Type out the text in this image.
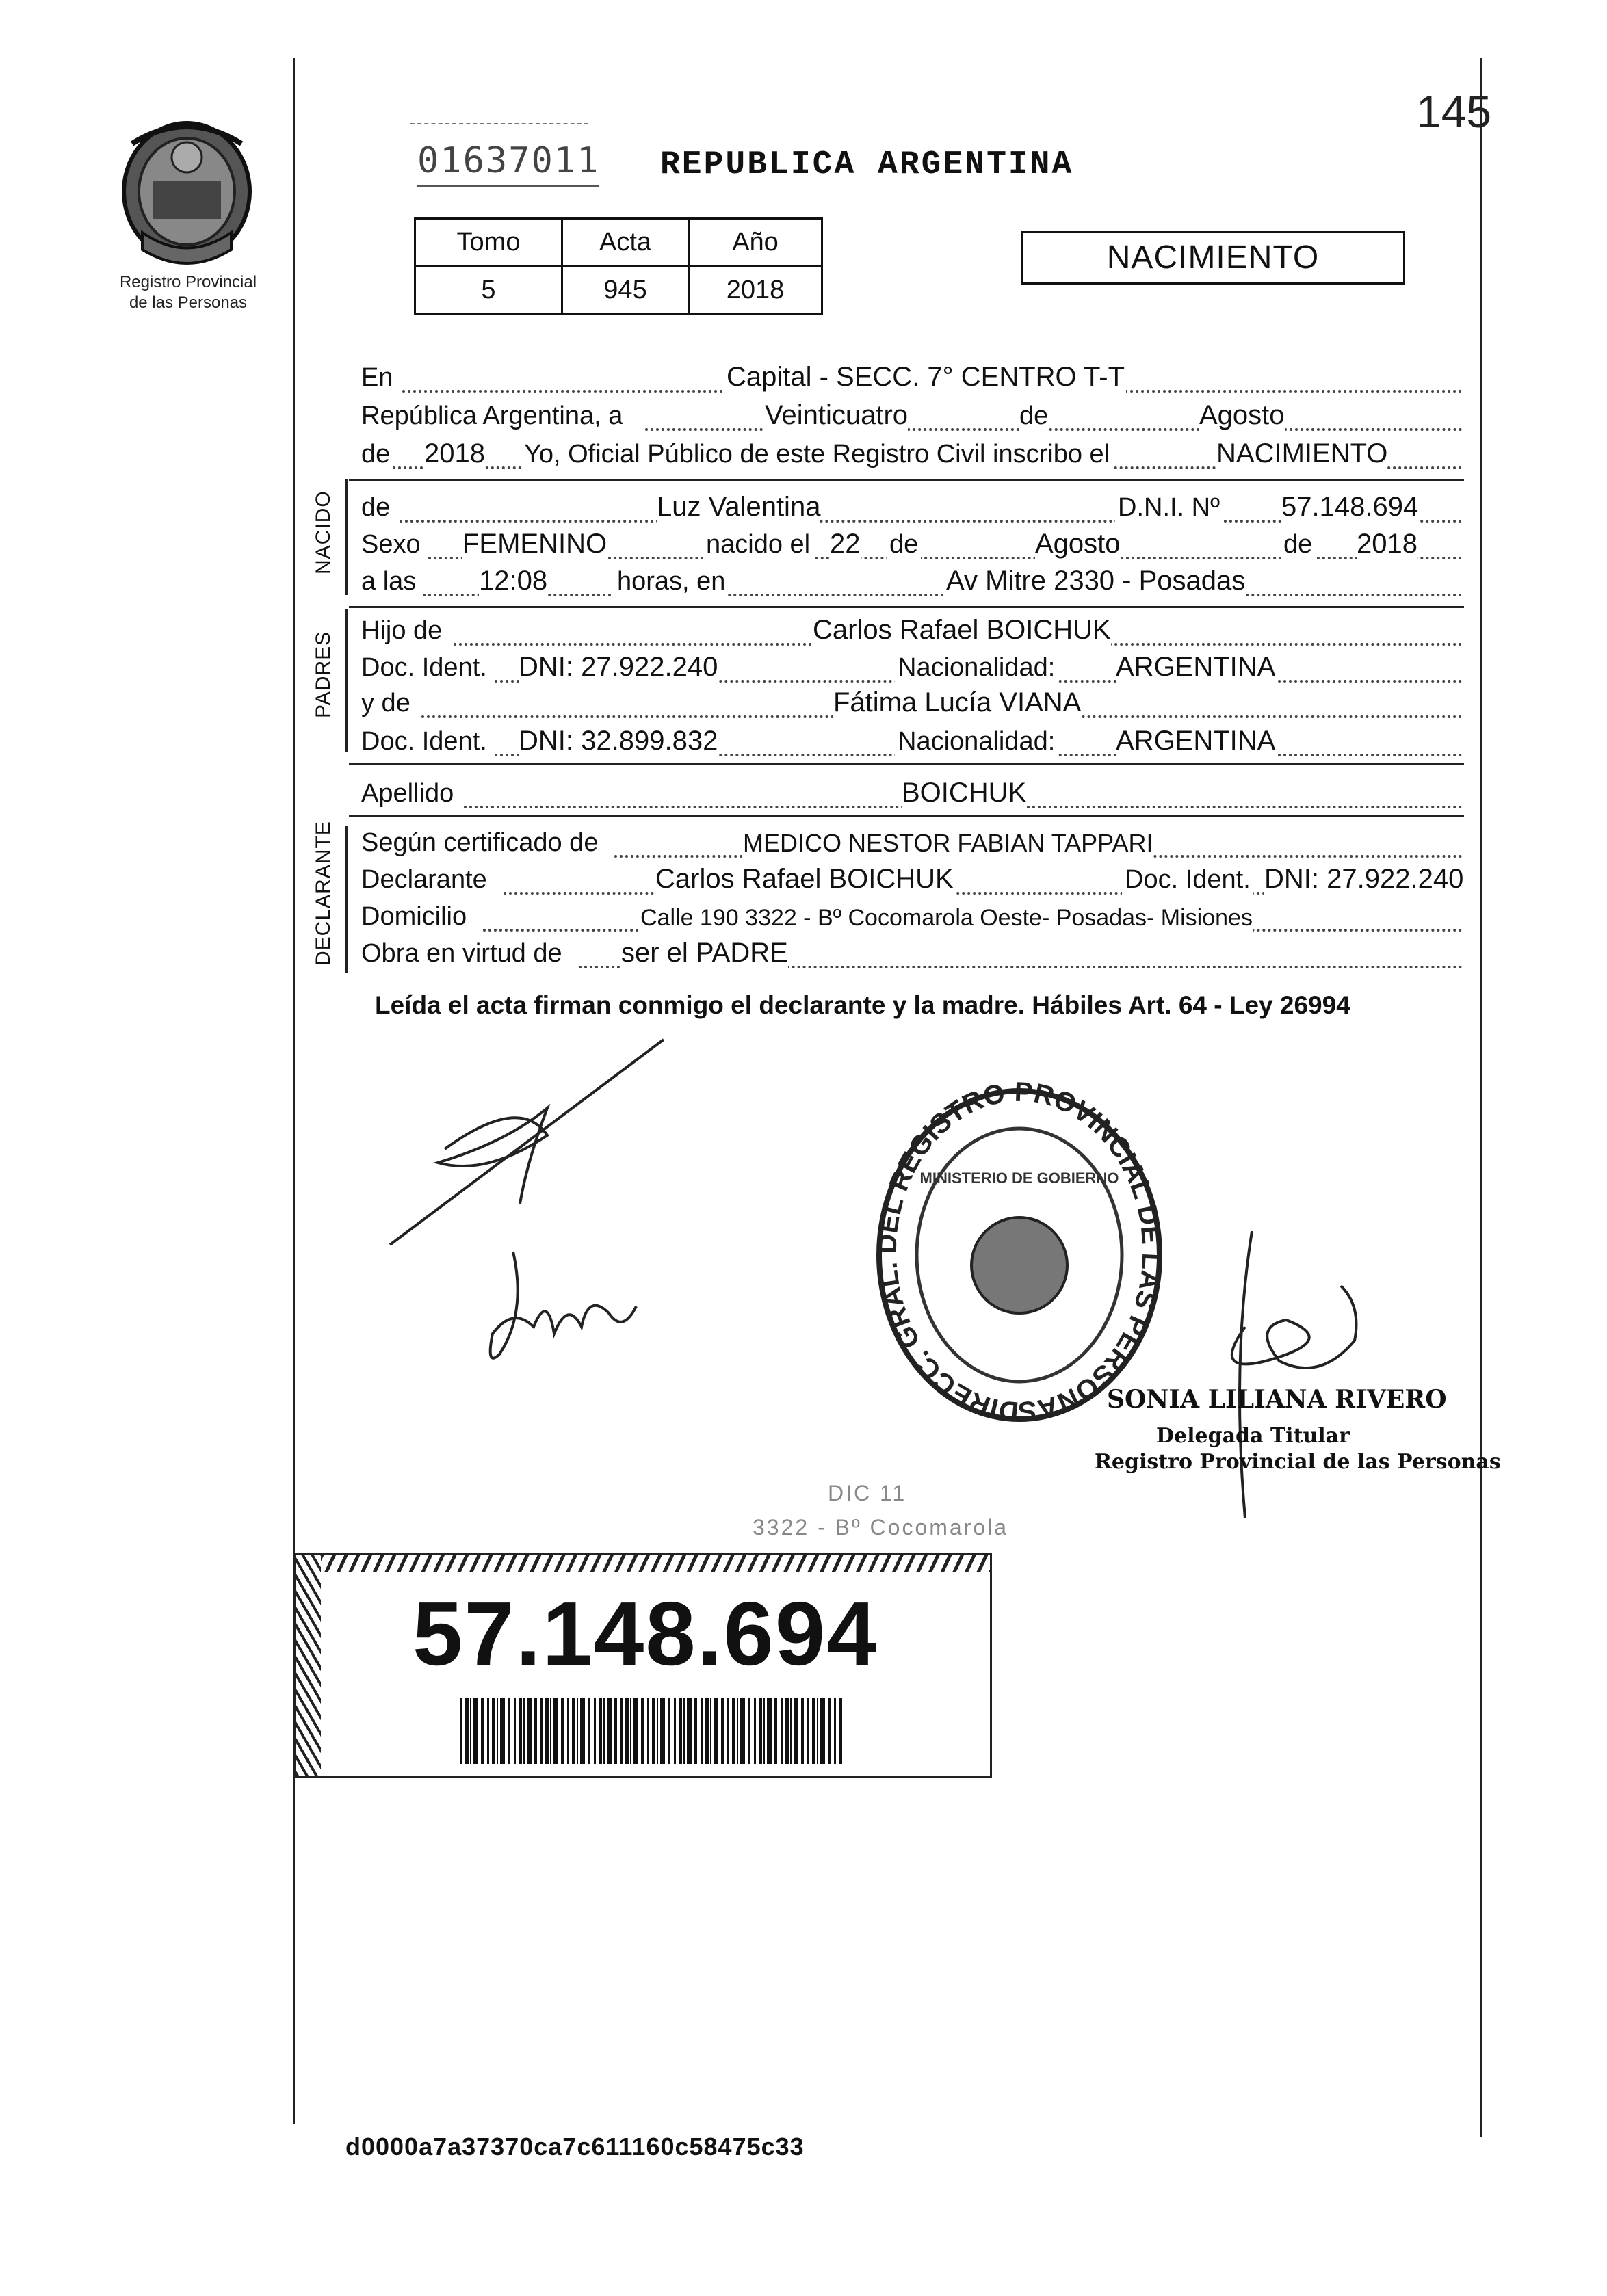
Registro Provincial
de las Personas
01637011 REPUBLICA ARGENTINA
145
Tomo	Acta	Año
5	945	2018
NACIMIENTO
En	Capital - SECC. 7° CENTRO T-T
República Argentina, a	Veinticuatro	de	Agosto
de 2018 Yo, Oficial Público de este Registro Civil inscribo el	NACIMIENTO
NACIDO de	Luz Valentina	D.N.I. Nº 57.148.694
Sexo FEMENINO	nacido el 22 de	Agosto	de 2018
a las 12:08	horas, en	Av Mitre 2330 - Posadas
PADRES
Hijo de	Carlos Rafael BOICHUK
Doc. Ident. DNI: 27.922.240	Nacionalidad: ARGENTINA
y de	Fátima Lucía VIANA
Doc. Ident. DNI: 32.899.832	Nacionalidad: ARGENTINA
Apellido	BOICHUK
DECLARANTE Según certificado de	MEDICO NESTOR FABIAN TAPPARI
Declarante	Carlos Rafael BOICHUK	Doc. Ident. DNI: 27.922.240
Domicilio	Calle 190 3322 - Bº Cocomarola Oeste- Posadas- Misiones
Obra en virtud de ser el PADRE
Leída el acta firman conmigo el declarante y la madre. Hábiles Art. 64 - Ley 26994
DIRECC. GRAL. DEL REGISTRO PROVINCIAL DE LAS PERSONAS
MINISTERIO DE GOBIERNO
SONIA LILIANA RIVERO
Delegada Titular
Registro Provincial de las Personas
DIC 11
3322 - Bº Cocomarola
57.148.694
d0000a7a37370ca7c611160c58475c33
